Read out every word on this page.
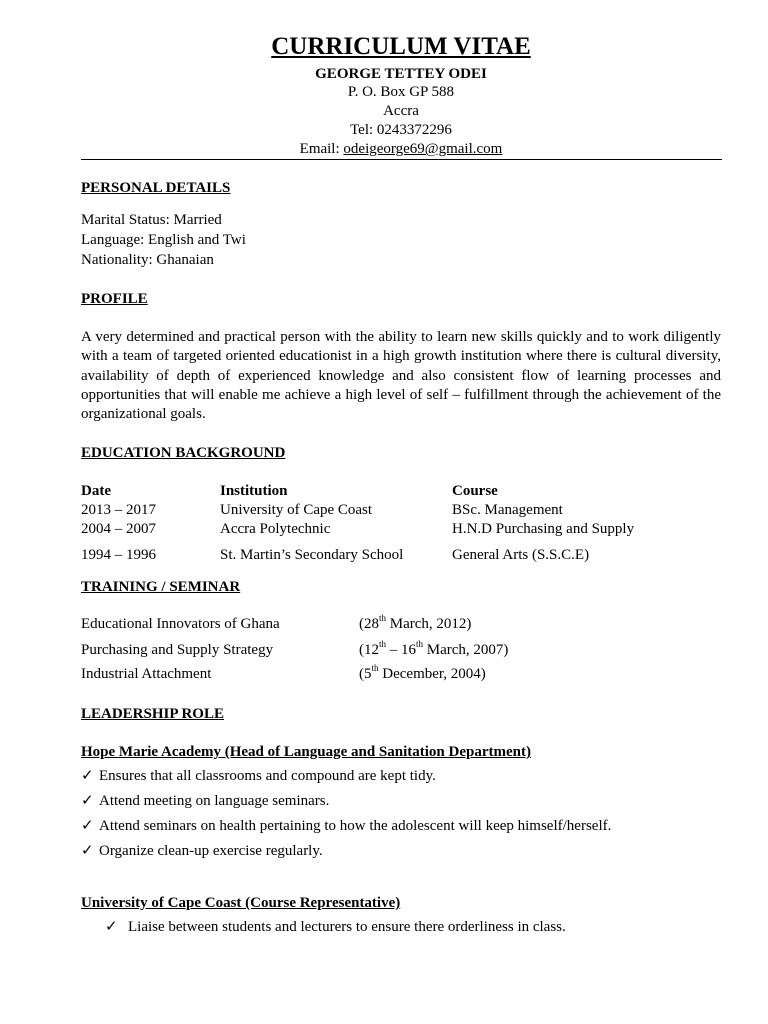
CURRICULUM VITAE
GEORGE TETTEY ODEI
P. O. Box GP 588
Accra
Tel: 0243372296
Email: odeigeorge69@gmail.com
PERSONAL DETAILS
Marital Status: Married
Language: English and Twi
Nationality: Ghanaian
PROFILE
A very determined and practical person with the ability to learn new skills quickly and to work diligently with a team of targeted oriented educationist in a high growth institution where there is cultural diversity, availability of depth of experienced knowledge and also consistent flow of learning processes and opportunities that will enable me achieve a high level of self – fulfillment through the achievement of the organizational goals.
EDUCATION BACKGROUND
Date	Institution	Course
2013 – 2017	University of Cape Coast	BSc. Management
2004 – 2007	Accra Polytechnic	H.N.D Purchasing and Supply
1994 – 1996	St. Martin’s Secondary School	General Arts (S.S.C.E)
TRAINING / SEMINAR
Educational Innovators of Ghana	(28th March, 2012)
Purchasing and Supply Strategy	(12th – 16th March, 2007)
Industrial Attachment	(5th December, 2004)
LEADERSHIP ROLE
Hope Marie Academy (Head of Language and Sanitation Department)
✓ Ensures that all classrooms and compound are kept tidy.
✓ Attend meeting on language seminars.
✓ Attend seminars on health pertaining to how the adolescent will keep himself/herself.
✓ Organize clean-up exercise regularly.
University of Cape Coast (Course Representative)
✓ Liaise between students and lecturers to ensure there orderliness in class.
